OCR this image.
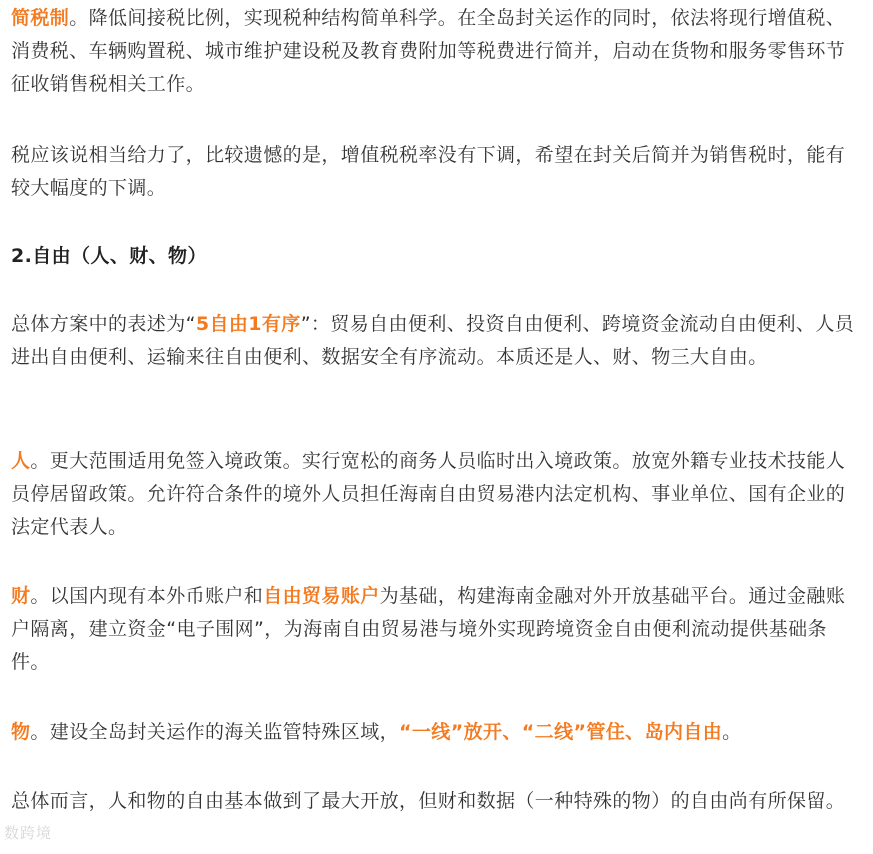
简税制。降低间接税比例，实现税种结构简单科学。在全岛封关运作的同时，依法将现行增值税、消费税、车辆购置税、城市维护建设税及教育费附加等税费进行简并，启动在货物和服务零售环节征收销售税相关工作。

税应该说相当给力了，比较遗憾的是，增值税税率没有下调，希望在封关后简并为销售税时，能有较大幅度的下调。

2.自由（人、财、物）

总体方案中的表述为“5自由1有序”：贸易自由便利、投资自由便利、跨境资金流动自由便利、人员进出自由便利、运输来往自由便利、数据安全有序流动。本质还是人、财、物三大自由。

人。更大范围适用免签入境政策。实行宽松的商务人员临时出入境政策。放宽外籍专业技术技能人员停居留政策。允许符合条件的境外人员担任海南自由贸易港内法定机构、事业单位、国有企业的法定代表人。

财。以国内现有本外币账户和自由贸易账户为基础，构建海南金融对外开放基础平台。通过金融账户隔离，建立资金“电子围网”，为海南自由贸易港与境外实现跨境资金自由便利流动提供基础条件。

物。建设全岛封关运作的海关监管特殊区域，“一线”放开、“二线”管住、岛内自由。

总体而言，人和物的自由基本做到了最大开放，但财和数据（一种特殊的物）的自由尚有所保留。

数跨境
